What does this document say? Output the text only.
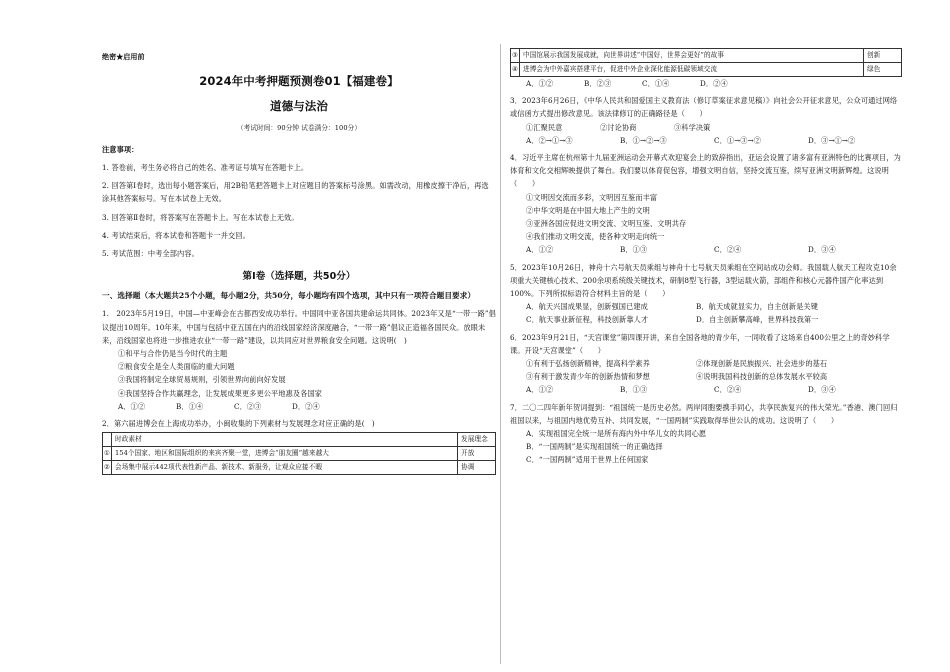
绝密★启用前
2024年中考押题预测卷01【福建卷】
道德与法治
（考试时间：90分钟 试卷满分：100分）
注意事项：
1. 答卷前，考生务必将自己的姓名、准考证号填写在答题卡上。
2. 回答第Ⅰ卷时，选出每小题答案后，用2B铅笔把答题卡上对应题目的答案标号涂黑。如需改动，用橡皮擦干净后，再选涂其他答案标号。写在本试卷上无效。
3. 回答第Ⅱ卷时，将答案写在答题卡上。写在本试卷上无效。
4. 考试结束后，将本试卷和答题卡一并交回。
5. 考试范围：中考全部内容。
第Ⅰ卷（选择题，共50分）
一、选择题（本大题共25个小题，每小题2分，共50分，每小题均有四个选项，其中只有一项符合题目要求）
1.　2023年5月19日，中国—中亚峰会在古都西安成功举行。中国同中亚各国共建命运共同体。2023年又是“一带一路”倡议提出10周年。10年来，中国与包括中亚五国在内的沿线国家经济深度融合，“一带一路”倡议正造福各国民众。放眼未来，沿线国家也将进一步推进农业“一带一路”建设，以共同应对世界粮食安全问题。这说明(　)
①和平与合作仍是当今时代的主题
②粮食安全是全人类面临的重大问题
③我国将制定全球贸易规则，引领世界向前向好发展
④我国坚持合作共赢理念，让发展成果更多更公平地惠及各国家
A．①②	B．①④	C．②③	D．②④
2．第六届进博会在上海成功举办，小闽收集的下列素材与发展理念对应正确的是(　)
	时政素材	发展理念
①	154个国家、地区和国际组织的来宾齐聚一堂，进博会“朋友圈”越来越大	开放
②	会场集中展示442项代表性新产品、新技术、新服务，让观众应接不暇	协调
③	中国馆展示我国发展成就，向世界讲述“中国好，世界会更好”的故事	创新
④	进博会为中外嘉宾搭建平台，促进中外企业深化能源低碳领域交流	绿色
A．①②	B．②③	C．①④	D．②④
3．2023年6月26日，《中华人民共和国爱国主义教育法（修订草案征求意见稿）》向社会公开征求意见，公众可通过网络或信函方式提出修改意见。该法律修订的正确路径是（　　）
①汇聚民意	②讨论协商	③科学决策
A．②→①→③	B．①→②→③	C．①→③→②	D．③→①→②
4．习近平主席在杭州第十九届亚洲运动会开幕式欢迎宴会上的致辞指出，亚运会设置了诸多富有亚洲特色的比赛项目，为体育和文化交相辉映提供了舞台。我们要以体育促包容，增强文明自信，坚持交流互鉴，续写亚洲文明新辉煌。这说明（　　）
①文明因交流而多彩，文明因互鉴而丰富
②中华文明是在中国大地上产生的文明
③亚洲各国应促进文明交流、文明互鉴、文明共存
④我们推动文明交流，使各种文明走向统一
A．①②	B．①③	C．②④	D．③④
5．2023年10月26日，神舟十六号航天员乘组与神舟十七号航天员乘组在空间站成功会师。我国载人航天工程攻克10余项重大关键核心技术、200余项系统级关键技术，研制8型飞行器，3型运载火箭，部组件和核心元器件国产化率达到100%。下列所拟标语符合材料主旨的是（　　）
A．航天兴国成果显，创新强国已建成	B．航天成就显实力，自主创新是关键
C．航天事业新征程，科技创新靠人才	D．自主创新攀高峰，世界科技我第一
6．2023年9月21日，“天宫课堂”第四课开讲，来自全国各地的青少年，一同收看了这场来自400公里之上的奇妙科学课。开设“天宫课堂”（　　）
①有利于弘扬创新精神，提高科学素养	②体现创新是民族振兴、社会进步的基石
③有利于激发青少年的创新热情和梦想	④说明我国科技创新的总体发展水平较高
A．①②	B．①③	C．②④	D．③④
7．二〇二四年新年贺词提到：“祖国统一是历史必然。两岸同胞要携手同心，共享民族复兴的伟大荣光。”香港、澳门回归祖国以来，与祖国内地优势互补、共同发展，“一国两制”实践取得举世公认的成功。这说明了（　　）
A．实现祖国完全统一是所有海内外中华儿女的共同心愿
B．“一国两制”是实现祖国统一的正确选择
C．“一国两制”适用于世界上任何国家
